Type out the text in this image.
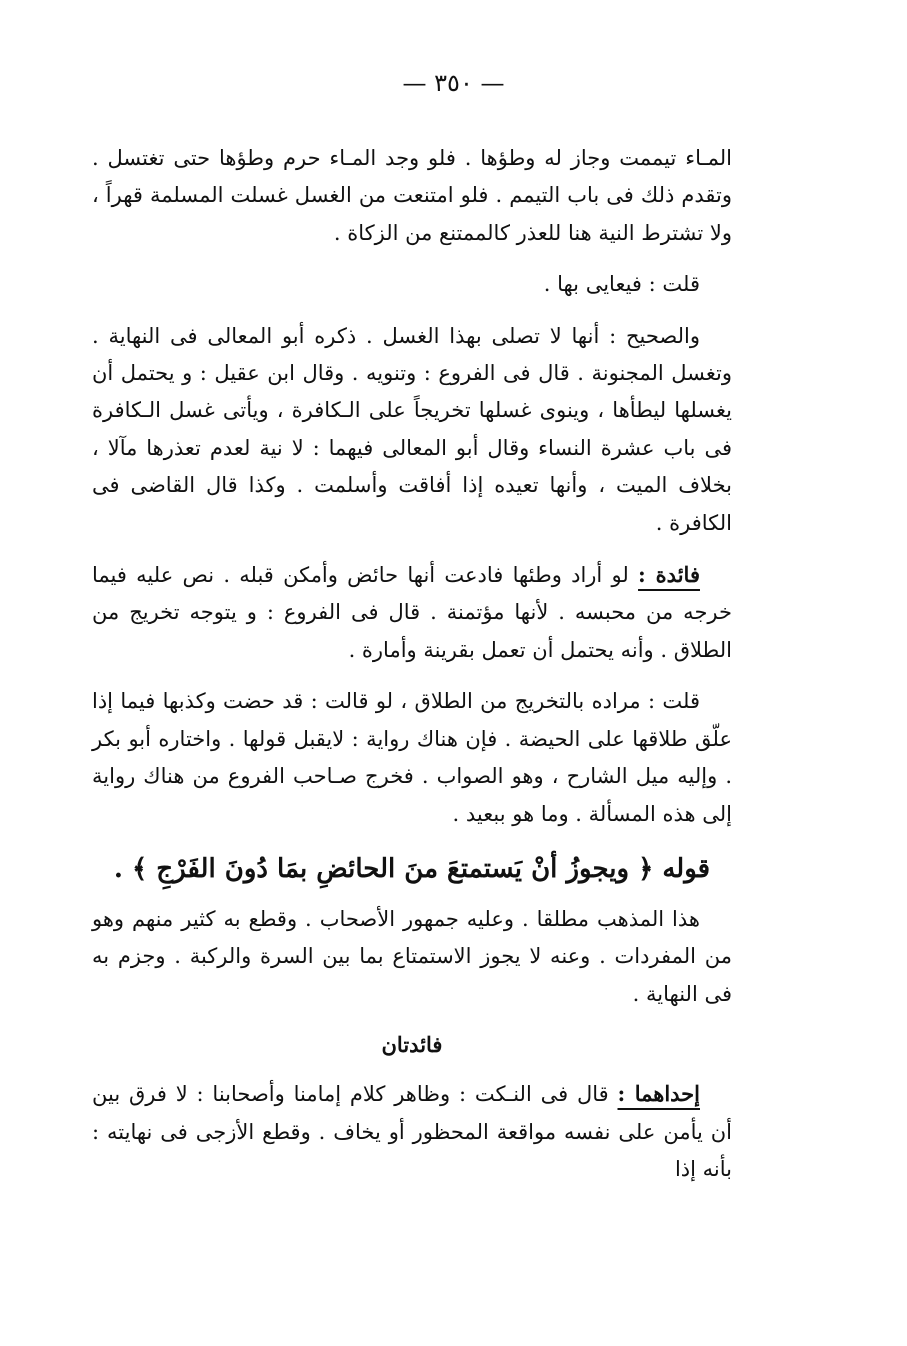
— ٣٥٠ —

المـاء تيممت وجاز له وطؤها . فلو وجد المـاء حرم وطؤها حتى تغتسل . وتقدم ذلك فى باب التيمم . فلو امتنعت من الغسل غسلت المسلمة قهراً ، ولا تشترط النية هنا للعذر كالممتنع من الزكاة .

قلت : فيعايى بها .

والصحيح : أنها لا تصلى بهذا الغسل . ذكره أبو المعالى فى النهاية . وتغسل المجنونة . قال فى الفروع : وتنويه . وقال ابن عقيل : و يحتمل أن يغسلها ليطأها ، وينوى غسلها تخريجاً على الـكافرة ، ويأتى غسل الـكافرة فى باب عشرة النساء وقال أبو المعالى فيهما : لا نية لعدم تعذرها مآلا ، بخلاف الميت ، وأنها تعيده إذا أفاقت وأسلمت . وكذا قال القاضى فى الكافرة .

فائدة : لو أراد وطئها فادعت أنها حائض وأمكن قبله . نص عليه فيما خرجه من محبسه . لأنها مؤتمنة . قال فى الفروع : و يتوجه تخريج من الطلاق . وأنه يحتمل أن تعمل بقرينة وأمارة .

قلت : مراده بالتخريج من الطلاق ، لو قالت : قد حضت وكذبها فيما إذا علّق طلاقها على الحيضة . فإن هناك رواية : لايقبل قولها . واختاره أبو بكر . وإليه ميل الشارح ، وهو الصواب . فخرج صـاحب الفروع من هناك رواية إلى هذه المسألة . وما هو ببعيد .

قوله ﴿ ويجوزُ أنْ يَستمتعَ منَ الحائضِ بمَا دُونَ الفَرْجِ ﴾ .

هذا المذهب مطلقا . وعليه جمهور الأصحاب . وقطع به كثير منهم وهو من المفردات . وعنه لا يجوز الاستمتاع بما بين السرة والركبة . وجزم به فى النهاية .

فائدتان

إحداهما : قال فى النـكت : وظاهر كلام إمامنا وأصحابنا : لا فرق بين أن يأمن على نفسه مواقعة المحظور أو يخاف . وقطع الأزجى فى نهايته : بأنه إذا
